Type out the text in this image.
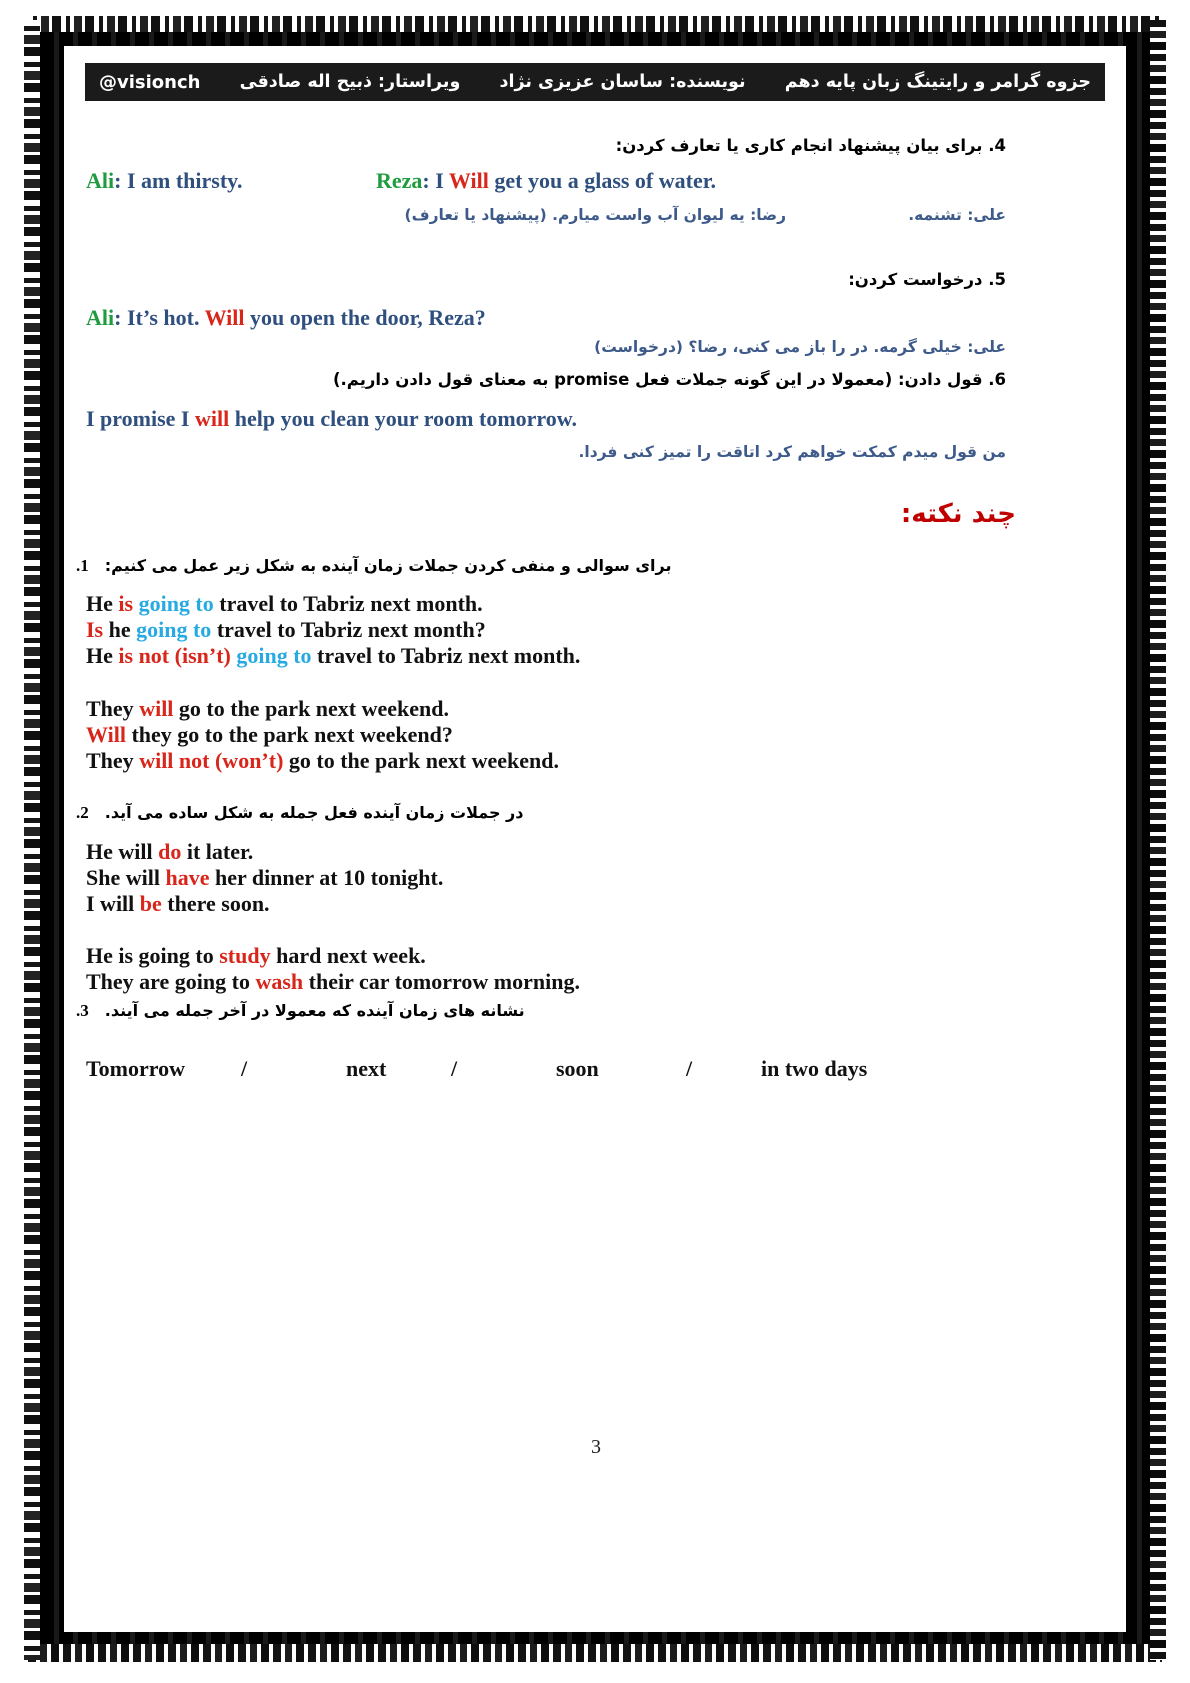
جزوه گرامر و رایتینگ زبان پایه دهم
نویسنده: ساسان عزیزی نژاد
ویراستار: ذبیح اله صادقی
@visionch
4. برای بیان پیشنهاد انجام کاری یا تعارف کردن:
Ali: I am thirsty.	Reza: I Will get you a glass of water.
علی: تشنمه.
رضا: یه لیوان آب واست میارم. (پیشنهاد یا تعارف)
5. درخواست کردن:
Ali: It’s hot. Will you open the door, Reza?
علی: خیلی گرمه. در را باز می کنی، رضا؟ (درخواست)
6. قول دادن: (معمولا در این گونه جملات فعل promise به معنای قول دادن داریم.)
I promise I will help you clean your room tomorrow.
من قول میدم کمکت خواهم کرد اتاقت را تمیز کنی فردا.
چند نکته:
برای سوالی و منفی کردن جملات زمان آینده به شکل زیر عمل می کنیم:
.1
He is going to travel to Tabriz next month.
Is he going to travel to Tabriz next month?
He is not (isn’t) going to travel to Tabriz next month.
They will go to the park next weekend.
Will they go to the park next weekend?
They will not (won’t) go to the park next weekend.
در جملات زمان آینده فعل جمله به شکل ساده می آید.
.2
He will do it later.
She will have her dinner at 10 tonight.
I will be there soon.
He is going to study hard next week.
They are going to wash their car tomorrow morning.
نشانه های زمان آینده که معمولا در آخر جمله می آیند.
.3
Tomorrow	/	next	/	soon	/	in two days
3
